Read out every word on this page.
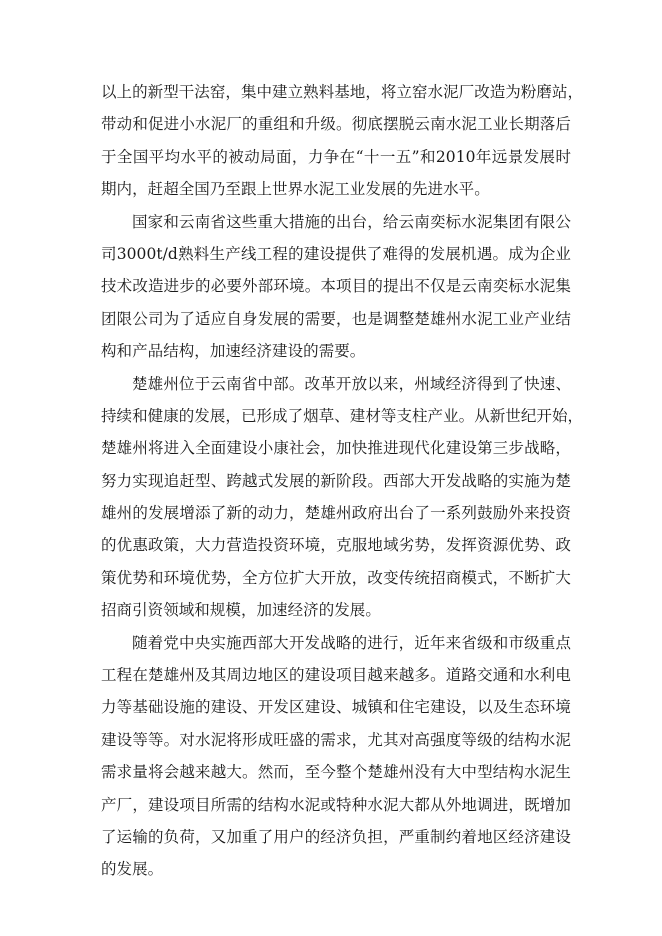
以上的新型干法窑，集中建立熟料基地，将立窑水泥厂改造为粉磨站，
带动和促进小水泥厂的重组和升级。彻底摆脱云南水泥工业长期落后
于全国平均水平的被动局面，力争在“十一五”和2010年远景发展时
期内，赶超全国乃至跟上世界水泥工业发展的先进水平。
国家和云南省这些重大措施的出台，给云南奕标水泥集团有限公
司3000t/d熟料生产线工程的建设提供了难得的发展机遇。成为企业
技术改造进步的必要外部环境。本项目的提出不仅是云南奕标水泥集
团限公司为了适应自身发展的需要，也是调整楚雄州水泥工业产业结
构和产品结构，加速经济建设的需要。
楚雄州位于云南省中部。改革开放以来，州域经济得到了快速、
持续和健康的发展，已形成了烟草、建材等支柱产业。从新世纪开始，
楚雄州将进入全面建设小康社会，加快推进现代化建设第三步战略，
努力实现追赶型、跨越式发展的新阶段。西部大开发战略的实施为楚
雄州的发展增添了新的动力，楚雄州政府出台了一系列鼓励外来投资
的优惠政策，大力营造投资环境，克服地域劣势，发挥资源优势、政
策优势和环境优势，全方位扩大开放，改变传统招商模式，不断扩大
招商引资领域和规模，加速经济的发展。
随着党中央实施西部大开发战略的进行，近年来省级和市级重点
工程在楚雄州及其周边地区的建设项目越来越多。道路交通和水利电
力等基础设施的建设、开发区建设、城镇和住宅建设，以及生态环境
建设等等。对水泥将形成旺盛的需求，尤其对高强度等级的结构水泥
需求量将会越来越大。然而，至今整个楚雄州没有大中型结构水泥生
产厂，建设项目所需的结构水泥或特种水泥大都从外地调进，既增加
了运输的负荷，又加重了用户的经济负担，严重制约着地区经济建设
的发展。
